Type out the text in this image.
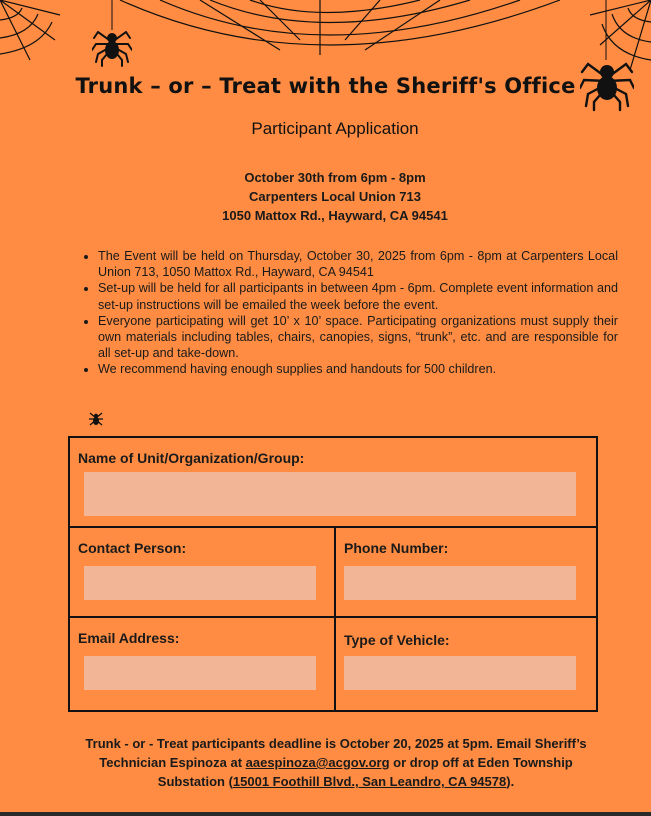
Trunk – or – Treat with the Sheriff's Office
Participant Application
October 30th from 6pm - 8pm
Carpenters Local Union 713
1050 Mattox Rd., Hayward, CA 94541
• The Event will be held on Thursday, October 30, 2025 from 6pm - 8pm at Carpenters Local Union 713, 1050 Mattox Rd., Hayward, CA 94541
• Set-up will be held for all participants in between 4pm - 6pm. Complete event information and set-up instructions will be emailed the week before the event.
• Everyone participating will get 10’ x 10’ space. Participating organizations must supply their own materials including tables, chairs, canopies, signs, “trunk”, etc. and are responsible for all set-up and take-down.
• We recommend having enough supplies and handouts for 500 children.
Name of Unit/Organization/Group:
Contact Person:	Phone Number:
Email Address:	Type of Vehicle:
Trunk - or - Treat participants deadline is October 20, 2025 at 5pm. Email Sheriff’s Technician Espinoza at aaespinoza@acgov.org or drop off at Eden Township Substation (15001 Foothill Blvd., San Leandro, CA 94578).
